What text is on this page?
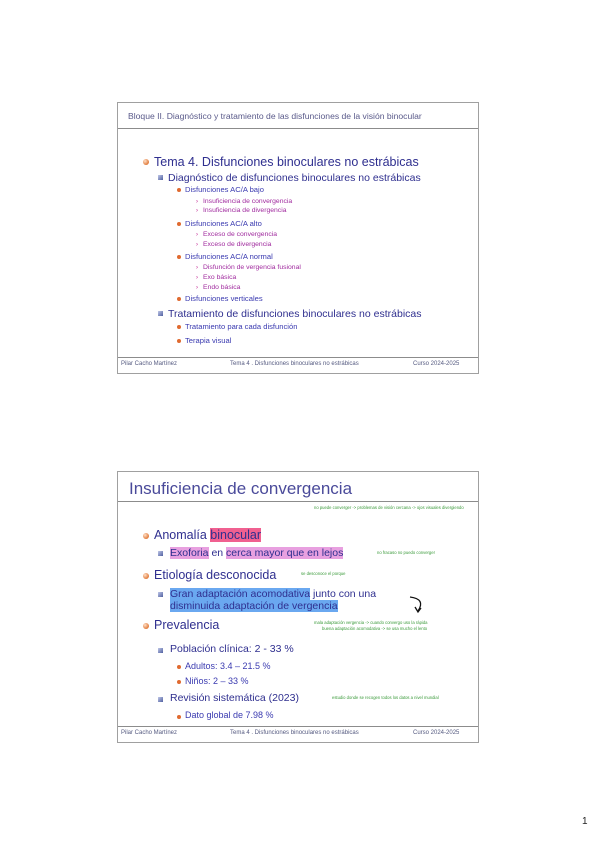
Bloque II. Diagnóstico y tratamiento de las disfunciones de la visión binocular
Tema 4. Disfunciones binoculares no estrábicas
Diagnóstico de disfunciones binoculares no estrábicas
Disfunciones AC/A bajo
› Insuficiencia de convergencia
› Insuficiencia de divergencia
Disfunciones AC/A alto
› Exceso de convergencia
› Exceso de divergencia
Disfunciones AC/A normal
› Disfunción de vergencia fusional
› Exo básica
› Endo básica
Disfunciones verticales
Tratamiento de disfunciones binoculares no estrábicas
Tratamiento para cada disfunción
Terapia visual
Pilar Cacho Martínez	Tema 4 . Disfunciones binoculares no estrábicas	Curso 2024-2025
Insuficiencia de convergencia
no puede converger -> problemas de visión cercana -> ojos visuales divergiendo
Anomalía binocular
Exoforia en cerca mayor que en lejos	no fracaso no puedo converger
Etiología desconocida	se desconoce el porque
Gran adaptación acomodativa junto con una
disminuida adaptación de vergencia
Prevalencia	mala adaptación vergencia -> cuando convergo uso la rápida
buena adaptación acomodativa -> se usa mucho el lento
Población clínica: 2 - 33 %
Adultos: 3.4 – 21.5 %
Niños: 2 – 33 %
Revisión sistemática (2023)	estudio donde se recogen todos los datos a nivel mundial
Dato global de 7.98 %
Pilar Cacho Martínez	Tema 4 . Disfunciones binoculares no estrábicas	Curso 2024-2025
1
